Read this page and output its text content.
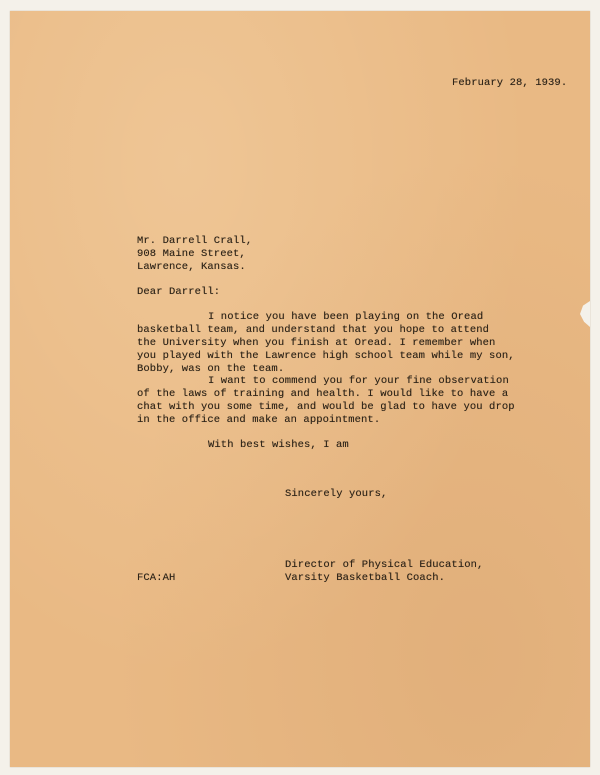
February 28, 1939.

Mr. Darrell Crall,

908 Maine Street,

Lawrence, Kansas.

Dear Darrell:

I notice you have been playing on the Oread

basketball team, and understand that you hope to attend

the University when you finish at Oread. I remember when

you played with the Lawrence high school team while my son,

Bobby, was on the team.

I want to commend you for your fine observation

of the laws of training and health. I would like to have a

chat with you some time, and would be glad to have you drop

in the office and make an appointment.

With best wishes, I am

Sincerely yours,

Director of Physical Education,

Varsity Basketball Coach.

FCA:AH
